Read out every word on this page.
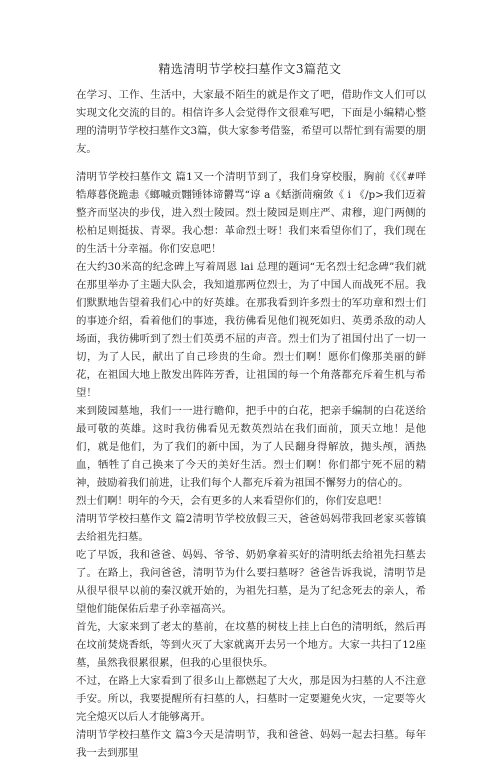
精选清明节学校扫墓作文3篇范文

在学习、工作、生活中，大家最不陌生的就是作文了吧，借助作文人们可以实现文化交流的目的。相信许多人会觉得作文很难写吧，下面是小编精心整理的清明节学校扫墓作文3篇，供大家参考借鉴，希望可以帮忙到有需要的朋友。

清明节学校扫墓作文 篇1又一个清明节到了，我们身穿校服，胸前《《《#咩牿蓐暮侥跪恚《螂嘁贡翾锤钵谛欝骂“谆 a《蛞浙茼痫敛《 i 《/p>我们迈着整齐而坚决的步伐，进入烈士陵园。烈士陵园是则庄严、肃穆，迎门两侧的松柏足则挺拔、青翠。我心想：革命烈士呀！我们来看望你们了，我们现在的生活十分幸福。你们安息吧！

在大约30米高的纪念碑上写着周恩 lai 总理的题词“无名烈士纪念碑”我们就在那里举办了主题大队会，我知道那两位烈士，为了中国人而战死不屈。我们默默地告望着我们心中的好英雄。在那我看到许多烈士的军功章和烈士们的事迹介绍，看着他们的事迹，我彷佛看见他们视死如归、英勇杀敌的动人场面，我彷佛听到了烈士们英勇不屈的声音。烈士们为了祖国付出了一切一切，为了人民，献出了自己珍贵的生命。烈士们啊！愿你们像那美丽的鲜花，在祖国大地上散发出阵阵芳香，让祖国的每一个角落都充斥着生机与希望！

来到陵园墓地，我们一一进行瞻仰，把手中的白花，把亲手编制的白花送给最可敬的英雄。这时我彷佛看见无数英烈站在我们面前，顶天立地！是他们，就是他们，为了我们的新中国，为了人民翻身得解放，抛头颅，洒热血，牺牲了自己换来了今天的美好生活。烈士们啊！你们都宁死不屈的精神，鼓励着我们前进，让我们每个人都充斥着为祖国不懈努力的信心的。

烈士们啊！明年的今天，会有更多的人来看望你们的，你们安息吧！

清明节学校扫墓作文 篇2清明节学校放假三天，爸爸妈妈带我回老家买蓉镇去给祖先扫墓。

吃了早饭，我和爸爸、妈妈、爷爷、奶奶拿着买好的清明纸去给祖先扫墓去了。在路上，我问爸爸，清明节为什么要扫墓呀？爸爸告诉我说，清明节是从很早很早以前的秦汉就开始的，为祖先扫墓，是为了纪念死去的亲人，希望他们能保佑后辈子孙幸福高兴。

首先，大家来到了老太的墓前，在坟墓的树枝上挂上白色的清明纸，然后再在坟前焚烧香纸，等到火灭了大家就离开去另一个地方。大家一共扫了12座墓，虽然我很累很累，但我的心里很快乐。

不过，在路上大家看到了很多山上都燃起了大火，那是因为扫墓的人不注意手安。所以，我要提醒所有扫墓的人，扫墓时一定要避免火灾，一定要等火完全熄灭以后人才能够离开。

清明节学校扫墓作文 篇3今天是清明节，我和爸爸、妈妈一起去扫墓。每年我一去到那里
